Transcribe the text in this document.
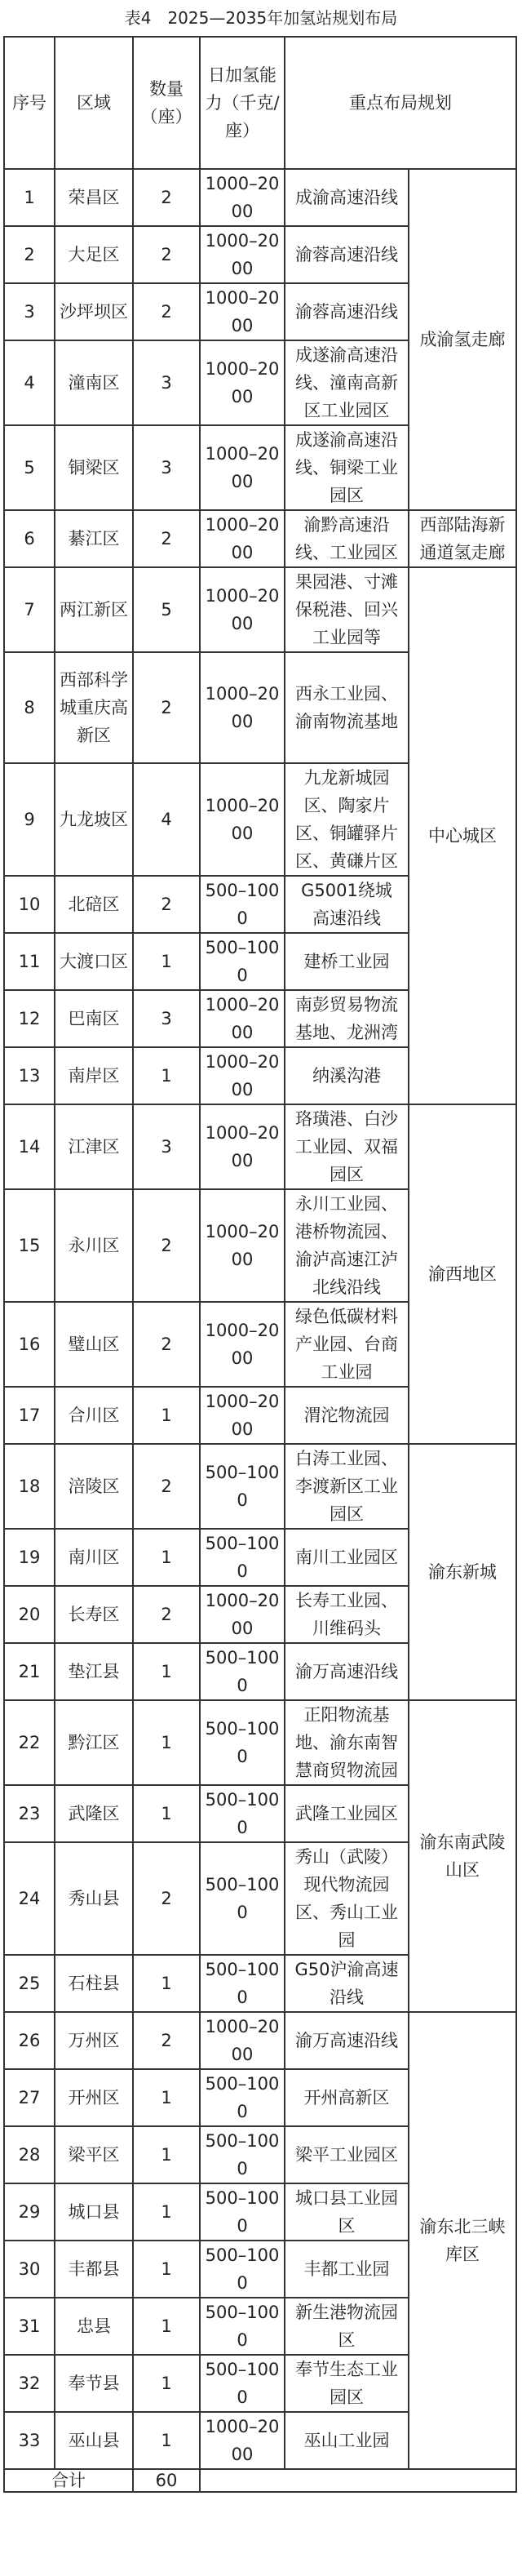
表4　2025—2035年加氢站规划布局
序号	区域	数量（座）	日加氢能力（千克/座）	重点布局规划	
1	荣昌区	2	1000–2000	成渝高速沿线	成渝氢走廊
2	大足区	2	1000–2000	渝蓉高速沿线	
3	沙坪坝区	2	1000–2000	渝蓉高速沿线	
4	潼南区	3	1000–2000	成遂渝高速沿线、潼南高新区工业园区	
5	铜梁区	3	1000–2000	成遂渝高速沿线、铜梁工业园区	
6	綦江区	2	1000–2000	渝黔高速沿线、工业园区	西部陆海新通道氢走廊
7	两江新区	5	1000–2000	果园港、寸滩保税港、回兴工业园等	中心城区
8	西部科学城重庆高新区	2	1000–2000	西永工业园、渝南物流基地	
9	九龙坡区	4	1000–2000	九龙新城园区、陶家片区、铜罐驿片区、黄磏片区	
10	北碚区	2	500–1000	G5001绕城高速沿线	
11	大渡口区	1	500–1000	建桥工业园	
12	巴南区	3	1000–2000	南彭贸易物流基地、龙洲湾	
13	南岸区	1	1000–2000	纳溪沟港	
14	江津区	3	1000–2000	珞璜港、白沙工业园、双福园区	渝西地区
15	永川区	2	1000–2000	永川工业园、港桥物流园、渝泸高速江泸北线沿线	
16	璧山区	2	1000–2000	绿色低碳材料产业园、台商工业园	
17	合川区	1	1000–2000	渭沱物流园	
18	涪陵区	2	500–1000	白涛工业园、李渡新区工业园区	渝东新城
19	南川区	1	500–1000	南川工业园区	
20	长寿区	2	1000–2000	长寿工业园、川维码头	
21	垫江县	1	500–1000	渝万高速沿线	
22	黔江区	1	500–1000	正阳物流基地、渝东南智慧商贸物流园	渝东南武陵山区
23	武隆区	1	500–1000	武隆工业园区	
24	秀山县	2	500–1000	秀山（武陵）现代物流园区、秀山工业园	
25	石柱县	1	500–1000	G50沪渝高速沿线	
26	万州区	2	1000–2000	渝万高速沿线	渝东北三峡库区
27	开州区	1	500–1000	开州高新区	
28	梁平区	1	500–1000	梁平工业园区	
29	城口县	1	500–1000	城口县工业园区	
30	丰都县	1	500–1000	丰都工业园	
31	忠县	1	500–1000	新生港物流园区	
32	奉节县	1	500–1000	奉节生态工业园区	
33	巫山县	1	1000–2000	巫山工业园	
合计		60			
